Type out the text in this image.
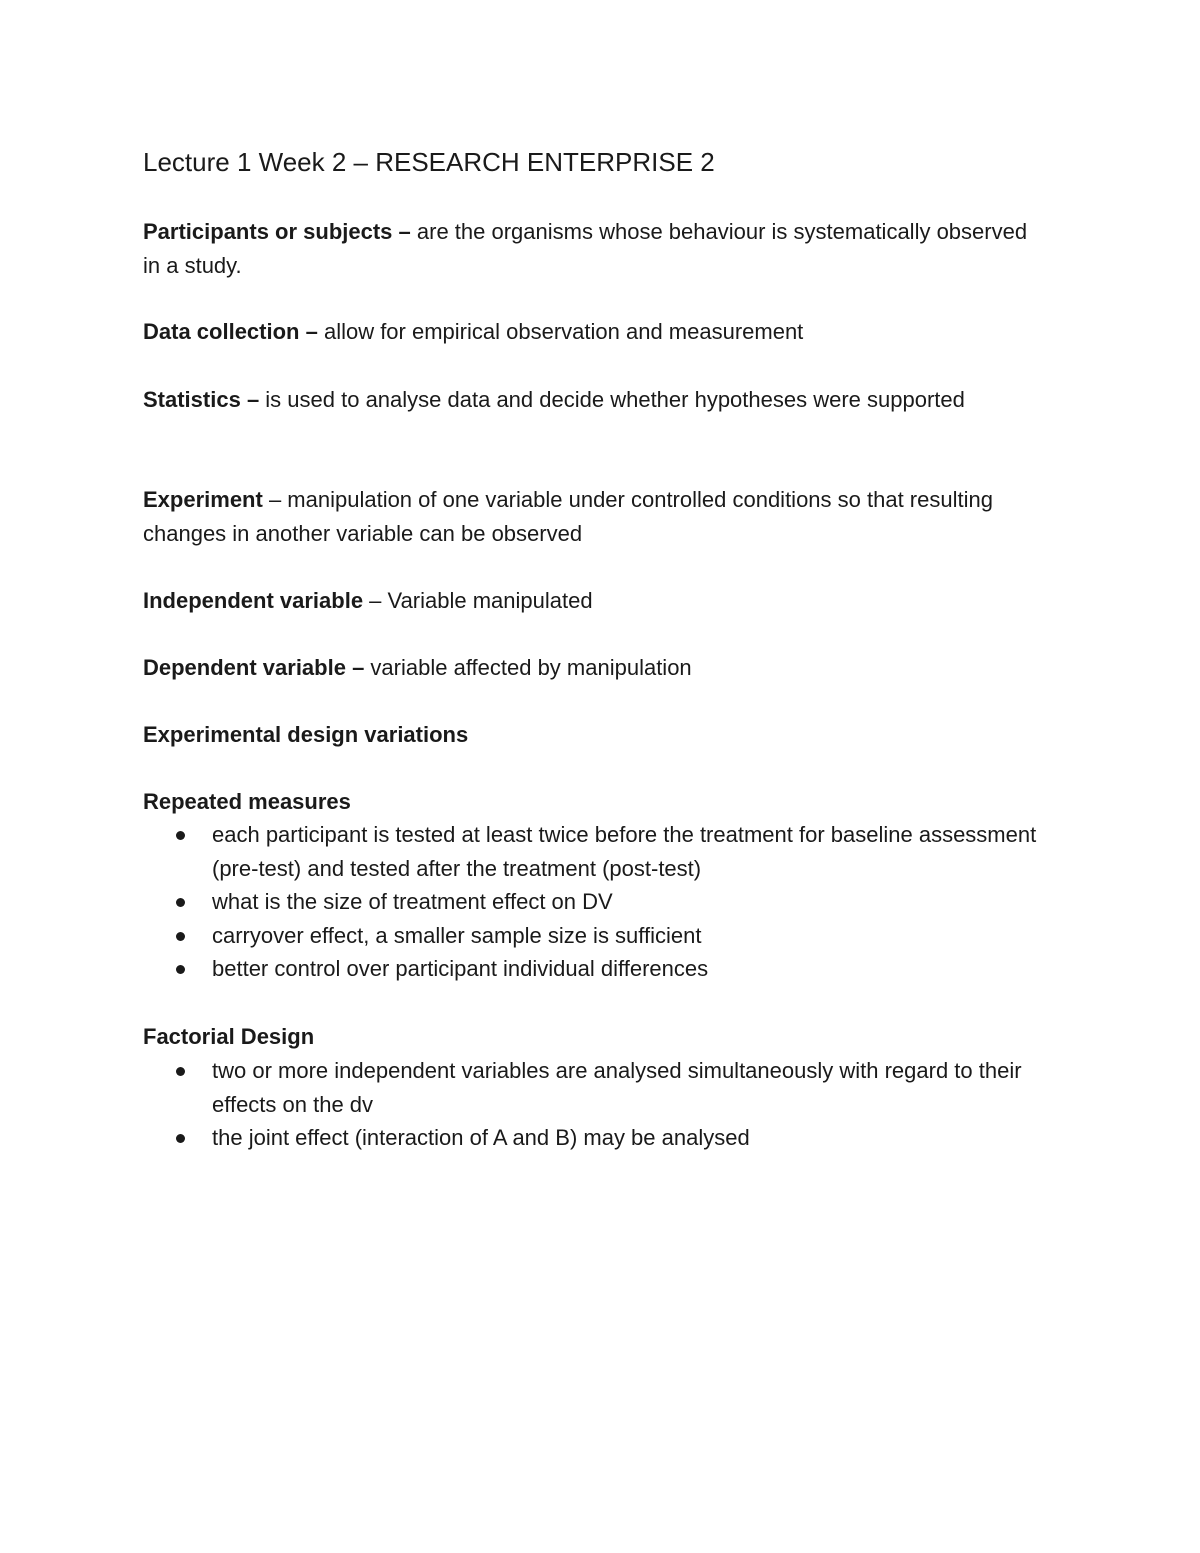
Lecture 1 Week 2 – RESEARCH ENTERPRISE 2
Participants or subjects – are the organisms whose behaviour is systematically observed in a study.
Data collection – allow for empirical observation and measurement
Statistics – is used to analyse data and decide whether hypotheses were supported
Experiment – manipulation of one variable under controlled conditions so that resulting changes in another variable can be observed
Independent variable – Variable manipulated
Dependent variable – variable affected by manipulation
Experimental design variations
Repeated measures
each participant is tested at least twice before the treatment for baseline assessment (pre-test) and tested after the treatment (post-test)
what is the size of treatment effect on DV
carryover effect, a smaller sample size is sufficient
better control over participant individual differences
Factorial Design
two or more independent variables are analysed simultaneously with regard to their effects on the dv
the joint effect (interaction of A and B) may be analysed
